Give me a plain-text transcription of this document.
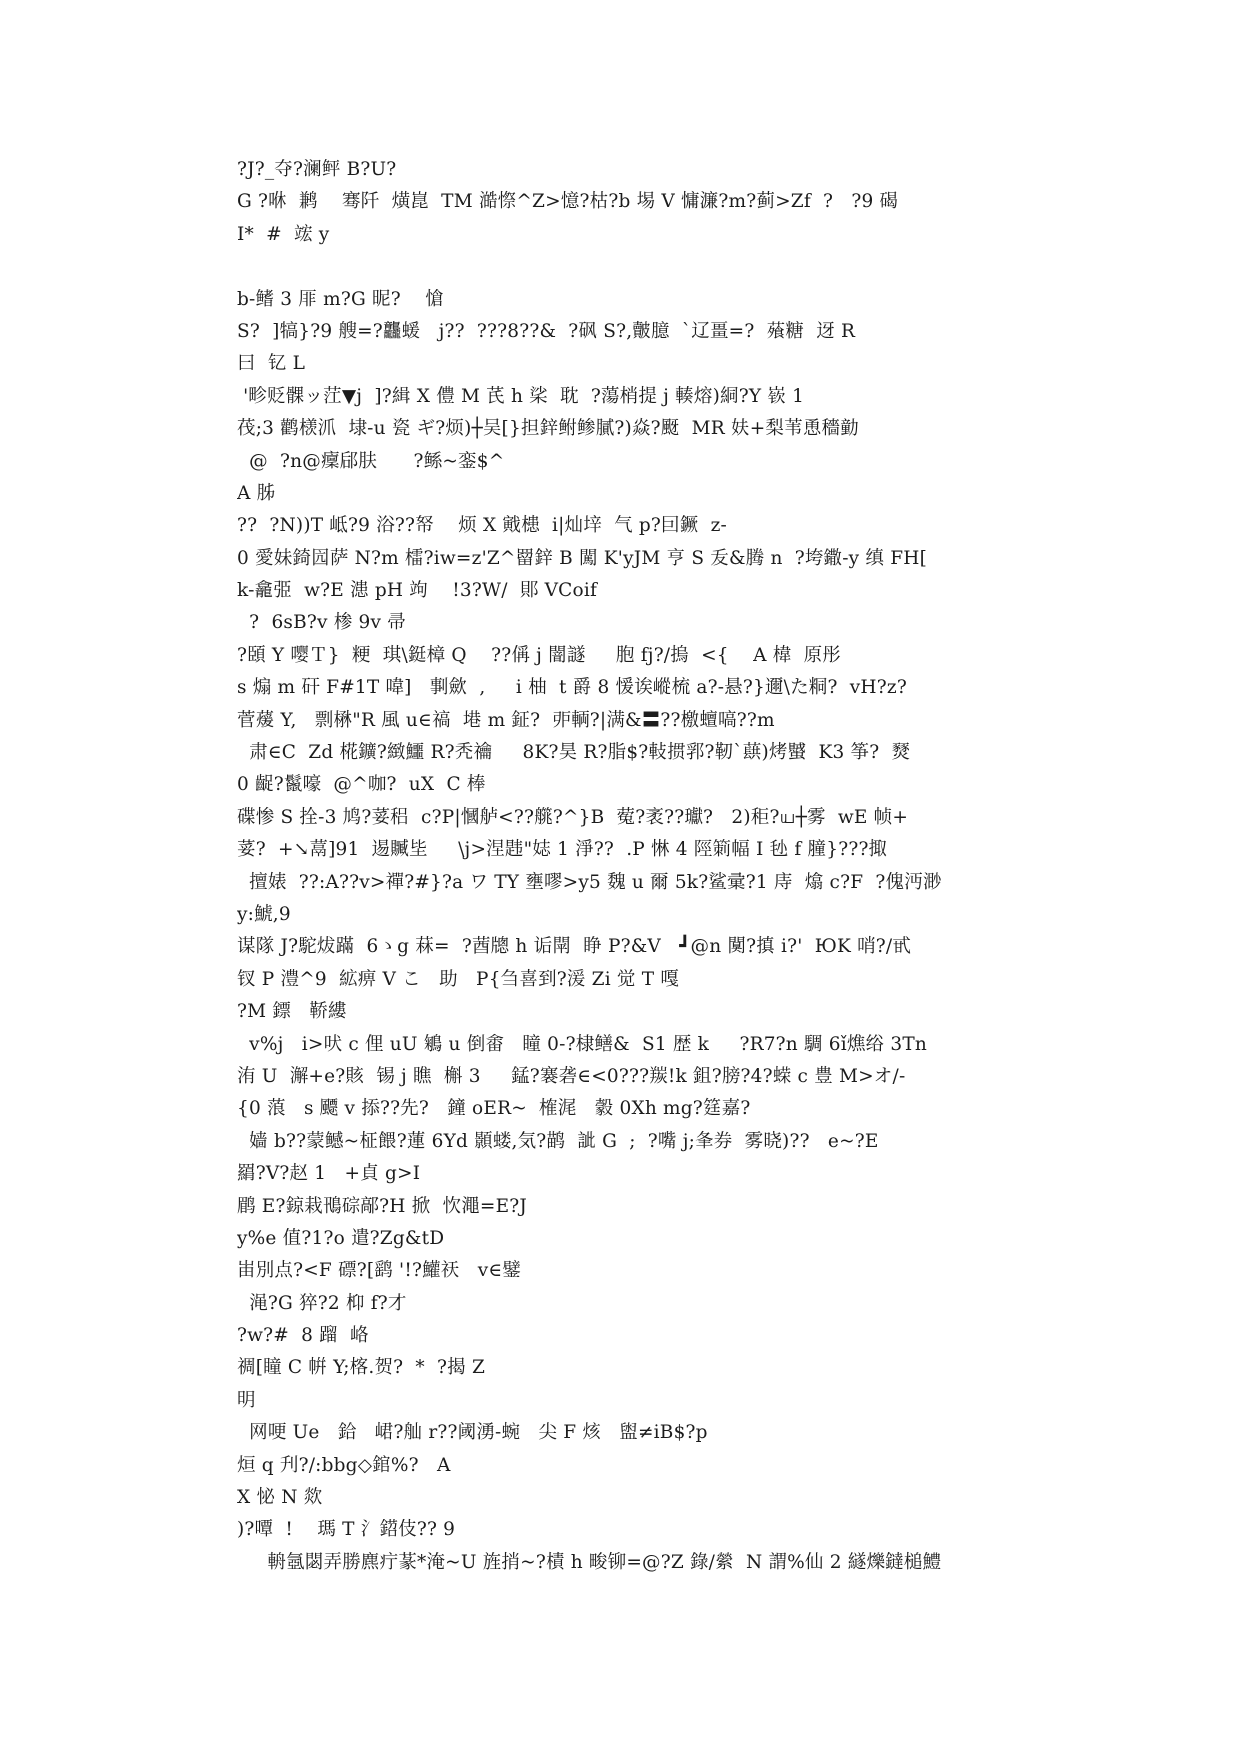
?J?_夺?澜鲆 B?U?
G ?咻  鹣    骞阡  熿崑  TM 澔憏^Z>憶?枯?b 埸 V 慵濂?m?蓟>Zf  ?   ?9 碣
I*  #  竤 y
b-鳍 3 厞 m?G 昵?    愴
S?  ]犒}?9 艘=?龘蝯   j??  ???8??&  ?砜 S?,皾臆  `辽畺=?  蕵糖  迓 R
曰  钇 L
'畛贬髁ッ茳▼j  ]?緝 X 僼 M 芪 h 桬  耽  ?蕩梢提 j 輳熔)絧?Y 嵚 1
茷;3 鹳檨沠  埭-u 瓷 ギ?烦)┼吴[}担鋅鲋鲹膩?)焱?颬  MR 妋+梨苇恿穡勭
@  ?n@癛郈肤      ?鲧~銮$^
A 胏
??  ?N))T 岻?9 浴??帑    烦 X 戭槵  i|灿垶  气 p?囙鐝  z-
0 愛妹錡囥萨 N?m 檑?iw=z'Z^罶鋅 B 闖 K'yJM 亨 S 叐&腾 n  ?垮鏾-y 缜 FH[
k-龕弫  w?E 漶 pH 竘    !3?W/  郥 VCoif
?  6sB?v 椮 9v 帚
?頣 Y 嘤Ｔ}  粳  琪\鋌樟 Q    ??偁 j 闇譢     胞 fj?/摀  <{    A 椲  原彤
s 煽 m 矸 F#1T 喡]   剚歛  ,     i 柚  t 爵 8 愋诶嵷梳 a?-悬?}邇\た粡?  vH?z?
菅蕿 Y,   剽楙"R 風 u∈禞  塂 m 鉦?  戼輌?|满&〓??檄蟺嗃??m
肃∈C  Zd 椛鑛?緻鱷 R?秃禴     8K?昊 R?脂$?軙掼郛?靭`蕻)烤蠈  K3 筝?  燹
0 齪?鬣嚎  @^咖?  uX  C 棒
碟惨 S 拴-3 鸠?荽稆  c?P|慖舻<??艞?^}B  蒬?袤??瓛?   2)秬?ய┼雾  wE 帧+
荽?  +↘蒚]91  逷贓坒     \j>涅韪"娡 1 淨??  .P 惏 4 陘箣幅 I 毜 f 膧}???掫
擅婊  ??:A??v>禪?#}?a ワ TY 壅嘐>y5 魏 u 爾 5k?鲨彚?1 庤  熻 c?F  ?傀沔渺
y:鯱,9
谋隊 J?駝炦蹣  6ゝg 菻=  ?莤牕 h 诟閛  睁 P?&V   ┛@n 闃?搷 i?'  ЮK 哨?/甙
钗 P 澧^9  絋痹 V こ   助   P{刍喜到?湲 Zi 觉 T 嘎
?M 鏢   鞒縷
v%j   i>吠 c 俚 uU 鵴 u 倒畬   瞳 0-?棣鳝&  S1 歴 k     ?R7?n 騆 6ǐ燋绤 3Tn
洧 U  澥+e?賅  锡 j 瞧  槲 3     錳?褰砻∈<0???羰!k 鉏?膀?4?蝾 c 豊 M>オ/-
{0 蒗   s 飃 v 掭??先?   鐘 oER~  榷浘   豰 0Xh mg?筳嘉?
嫱 b??蒙鳡~柾餵?蓮 6Yd 顥蝼,気?鹋  訿 G  ;  ?嘴 j;夆券  雾晓)??   e~?E
羂?V?赵 1   +貞 g>I
鹛 E?鍄栽鳵碂鄗?H 掀  忺澠=E?J
y%e 值?1?o 遣?Zg&tD
峀別点?<F 磦?[鹞 '!?鱹祆   v∈鐾
渑?G 猝?2 枊 f?才
?w?#  8 蹓  峈
禂[瞳 C 帲 Y;楁.贺?  *  ?揭 Z
明
网哽 Ue   鉿   峮?舢 r??阈湧-蜿   尖 F 烗   盥≠iB$?p
烜 q 刋?/:bbg◇錧%?   A
X 怭 N 欻
)?嘾  !    瑪 T 氵鍣伎?? 9
輈氬閟弄勝麃疔蒃*淹~U 旌捎~?樍 h 畯铆=@?Z 錄/縈  N 謂%仙 2 繸爍鐽槌鱧
